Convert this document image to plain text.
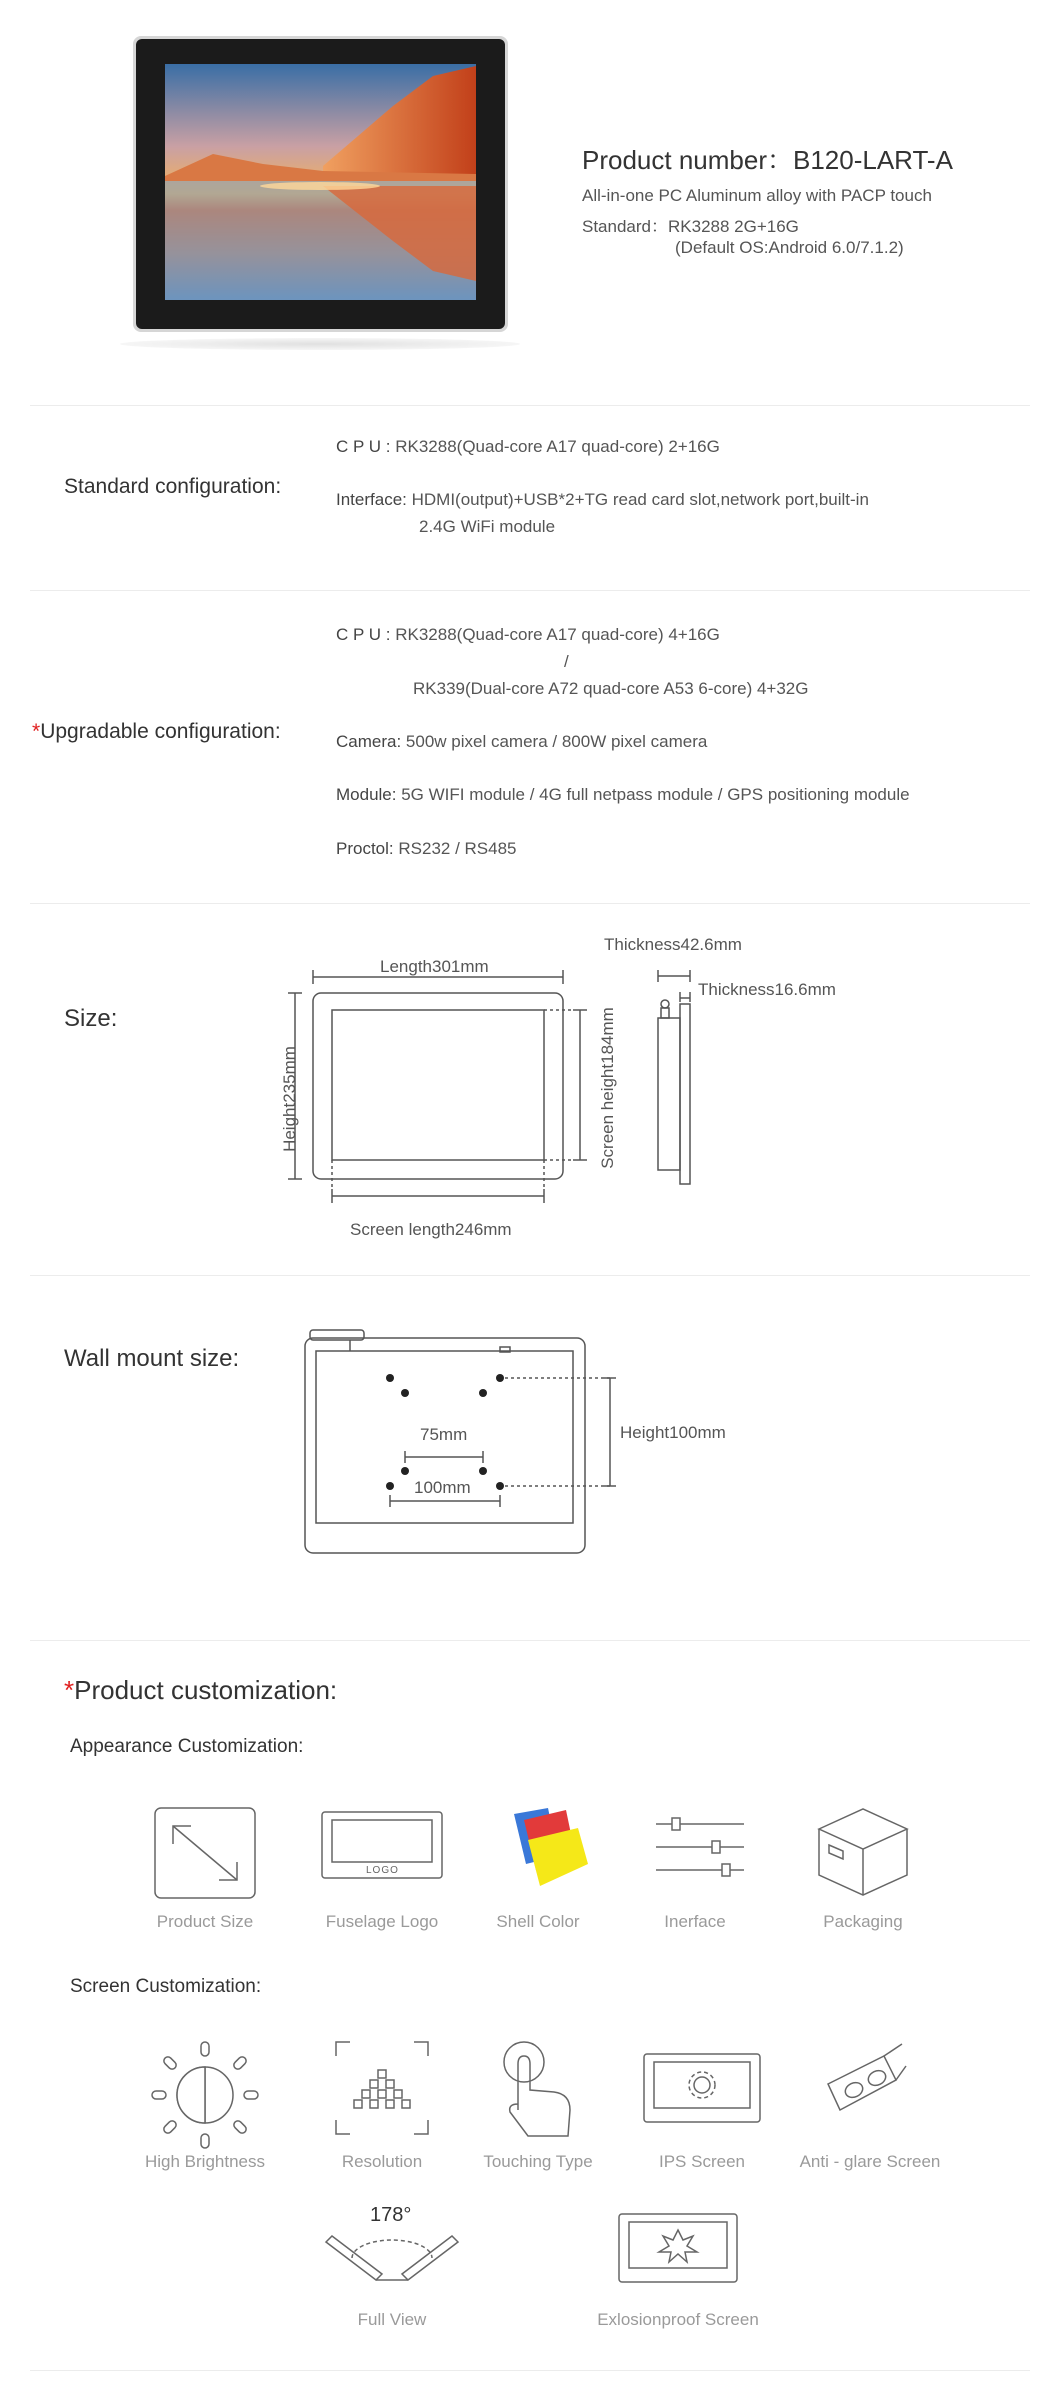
Product number：B120-LART-A
All-in-one PC Aluminum alloy with PACP touch
Standard：RK3288 2G+16G
(Default OS:Android 6.0/7.1.2)
Standard configuration:
C P U : RK3288(Quad-core A17 quad-core) 2+16G
Interface: HDMI(output)+USB*2+TG read card slot,network port,built-in
2.4G WiFi module
*Upgradable configuration:
C P U : RK3288(Quad-core A17 quad-core) 4+16G
/
RK339(Dual-core A72 quad-core A53 6-core) 4+32G
Camera: 500w pixel camera / 800W pixel camera
Module: 5G WIFI module / 4G full netpass module / GPS positioning module
Proctol: RS232 / RS485
Size:
Length301mm
Height235mm	Screen height184mm
Screen length246mm
Thickness42.6mm
Thickness16.6mm
Wall mount size:
Height100mm
75mm
100mm
*Product customization:
Appearance Customization:
LOGO
Product Size	Fuselage Logo	Shell Color	Inerface	Packaging
Screen Customization:
High Brightness	Resolution	Touching Type	IPS Screen	Anti - glare Screen
178°
Full View	Exlosionproof Screen
